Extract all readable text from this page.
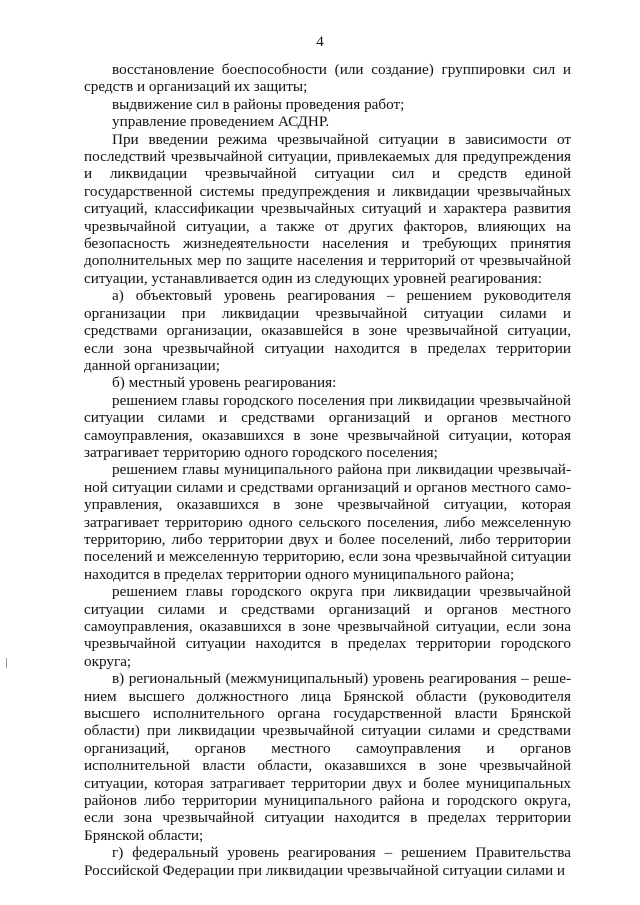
4

восстановление боеспособности (или создание) группировки сил и средств и организаций их защиты;

выдвижение сил в районы проведения работ;

управление проведением АСДНР.

При введении режима чрезвычайной ситуации в зависимости от последствий чрезвычайной ситуации, привлекаемых для предупреждения и ликвидации чрезвычайной ситуации сил и средств единой государственной системы предупреждения и ликвидации чрезвычайных ситуаций, классификации чрезвычайных ситуаций и характера развития чрезвычайной ситуации, а также от других факторов, влияющих на безопасность жизнедеятельности населения и требующих принятия дополнительных мер по защите населения и территорий от чрезвычайной ситуации, устанавливается один из следующих уровней реагирования:

а) объектовый уровень реагирования – решением руководителя организации при ликвидации чрезвычайной ситуации силами и средствами организации, оказавшейся в зоне чрезвычайной ситуации, если зона чрезвычайной ситуации находится в пределах территории данной организации;

б) местный уровень реагирования:

решением главы городского поселения при ликвидации чрезвычайной ситуации силами и средствами организаций и органов местного самоуправления, оказавшихся в зоне чрезвычайной ситуации, которая затрагивает территорию одного городского поселения;

решением главы муниципального района при ликвидации чрезвычайной ситуации силами и средствами организаций и органов местного самоуправления, оказавшихся в зоне чрезвычайной ситуации, которая затрагивает территорию одного сельского поселения, либо межселенную территорию, либо территории двух и более поселений, либо территории поселений и межселенную территорию, если зона чрезвычайной ситуации находится в пределах территории одного муниципального района;

решением главы городского округа при ликвидации чрезвычайной ситуации силами и средствами организаций и органов местного самоуправления, оказавшихся в зоне чрезвычайной ситуации, если зона чрезвычайной ситуации находится в пределах территории городского округа;

в) региональный (межмуниципальный) уровень реагирования – решением высшего должностного лица Брянской области (руководителя высшего исполнительного органа государственной власти Брянской области) при ликвидации чрезвычайной ситуации силами и средствами организаций, органов местного самоуправления и органов исполнительной власти области, оказавшихся в зоне чрезвычайной ситуации, которая затрагивает территории двух и более муниципальных районов либо территории муниципального района и городского округа, если зона чрезвычайной ситуации находится в пределах территории Брянской области;

г) федеральный уровень реагирования – решением Правительства Российской Федерации при ликвидации чрезвычайной ситуации силами и
